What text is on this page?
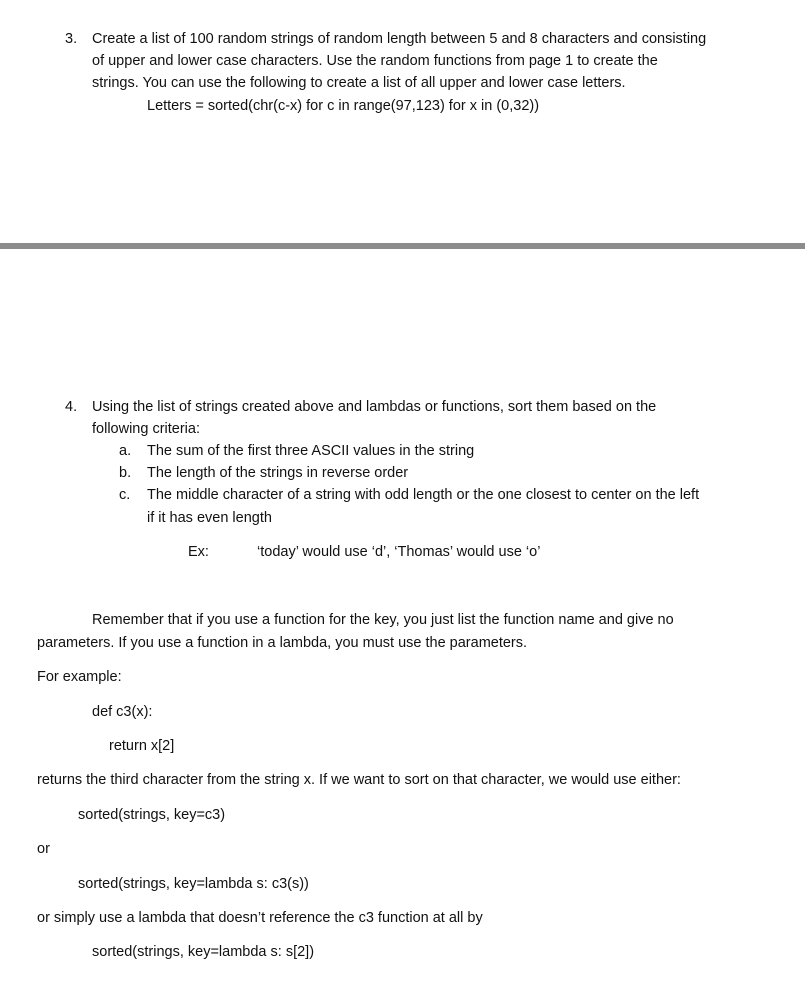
3. Create a list of 100 random strings of random length between 5 and 8 characters and consisting
of upper and lower case characters. Use the random functions from page 1 to create the
strings. You can use the following to create a list of all upper and lower case letters.
Letters = sorted(chr(c-x) for c in range(97,123) for x in (0,32))
4. Using the list of strings created above and lambdas or functions, sort them based on the
following criteria:
a. The sum of the first three ASCII values in the string
b. The length of the strings in reverse order
c. The middle character of a string with odd length or the one closest to center on the left
if it has even length
Ex:	‘today’ would use ‘d’, ‘Thomas’ would use ‘o’
Remember that if you use a function for the key, you just list the function name and give no
parameters. If you use a function in a lambda, you must use the parameters.
For example:
def c3(x):
return x[2]
returns the third character from the string x. If we want to sort on that character, we would use either:
sorted(strings, key=c3)
or
sorted(strings, key=lambda s: c3(s))
or simply use a lambda that doesn’t reference the c3 function at all by
sorted(strings, key=lambda s: s[2])
